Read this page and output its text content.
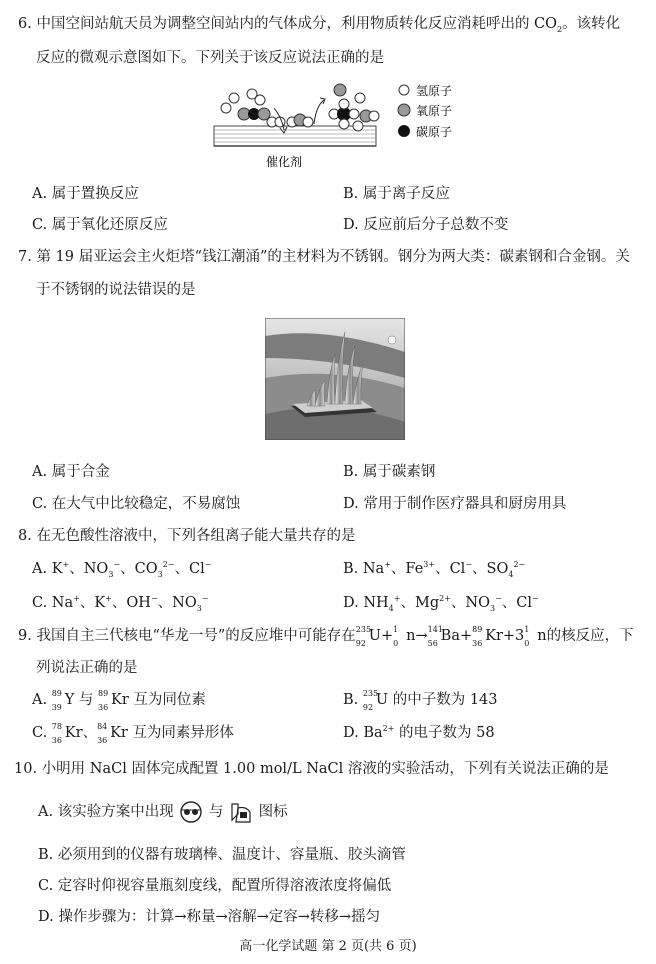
6. 中国空间站航天员为调整空间站内的气体成分，利用物质转化反应消耗呼出的 $CO_2$。该转化
反应的微观示意图如下。下列关于该反应说法正确的是
氢原子
氧原子
碳原子
催化剂
A. 属于置换反应	B. 属于离子反应
C. 属于氧化还原反应	D. 反应前后分子总数不变
7. 第 19 届亚运会主火炬塔“钱江潮涌”的主材料为不锈钢。钢分为两大类：碳素钢和合金钢。关
于不锈钢的说法错误的是
A. 属于合金	B. 属于碳素钢
C. 在大气中比较稳定，不易腐蚀	D. 常用于制作医疗器具和厨房用具
8. 在无色酸性溶液中，下列各组离子能大量共存的是
A. K+、$NO_3^-$、$CO_3^{2-}$、Cl−	B. Na+、$Fe^{3+}$、Cl−、$SO_4^{2-}$
C. Na+、K+、OH−、$NO_3^-$	D. $NH_4^+$、$Mg^{2+}$、$NO_3^-$、Cl−
9. 我国自主三代核电“华龙一号”的反应堆中可能存在 235
92 U+ 1
0 n→ 141
56 Ba+ 89
36 Kr+3 1
0 n的核反应，下
列说法正确的是
A. 89
39 Y 与 89
36 Kr 互为同位素	B. 235
92 U 的中子数为 143
C. 78
36 Kr、 84
36 Kr 互为同素异形体	D. $Ba^{2+}$ 的电子数为 58
10. 小明用 NaCl 固体完成配置 1.00 mol/L NaCl 溶液的实验活动，下列有关说法正确的是
A. 该实验方案中出现 与 图标
B. 必须用到的仪器有玻璃棒、温度计、容量瓶、胶头滴管
C. 定容时仰视容量瓶刻度线，配置所得溶液浓度将偏低
D. 操作步骤为：计算→称量→溶解→定容→转移→摇匀
高一化学试题 第 2 页(共 6 页)
